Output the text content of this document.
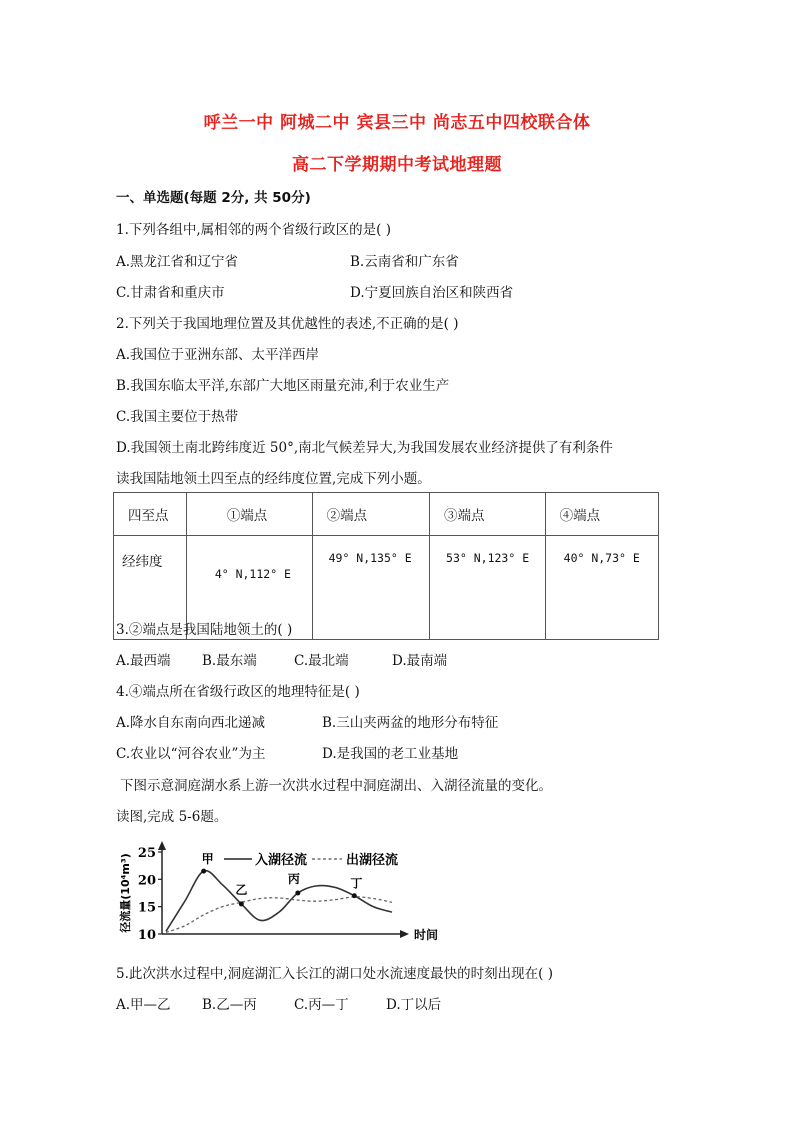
呼兰一中 阿城二中 宾县三中 尚志五中四校联合体
高二下学期期中考试地理题
一、单选题(每题 2分, 共 50分)
1.下列各组中,属相邻的两个省级行政区的是( )
A.黑龙江省和辽宁省	B.云南省和广东省
C.甘肃省和重庆市	D.宁夏回族自治区和陕西省
2.下列关于我国地理位置及其优越性的表述,不正确的是( )
A.我国位于亚洲东部、太平洋西岸
B.我国东临太平洋,东部广大地区雨量充沛,利于农业生产
C.我国主要位于热带
D.我国领土南北跨纬度近 50°,南北气候差异大,为我国发展农业经济提供了有利条件
读我国陆地领土四至点的经纬度位置,完成下列小题。
四至点	①端点	②端点	③端点	④端点
经纬度	4° N,112° E	49° N,135° E	53° N,123° E	40° N,73° E
3.②端点是我国陆地领土的( )
A.最西端 B.最东端	C.最北端	D.最南端
4.④端点所在省级行政区的地理特征是( )
A.降水自东南向西北递减	B.三山夹两盆的地形分布特征
C.农业以“河谷农业”为主	D.是我国的老工业基地
下图示意洞庭湖水系上游一次洪水过程中洞庭湖出、入湖径流量的变化。
读图,完成 5-6题。
入湖径流	出湖径流
时间
径流量(10⁴m³)
10
15
20
25	甲
乙
丙	丁
5.此次洪水过程中,洞庭湖汇入长江的湖口处水流速度最快的时刻出现在( )
A.甲—乙 B.乙—丙	C.丙—丁	D.丁以后
